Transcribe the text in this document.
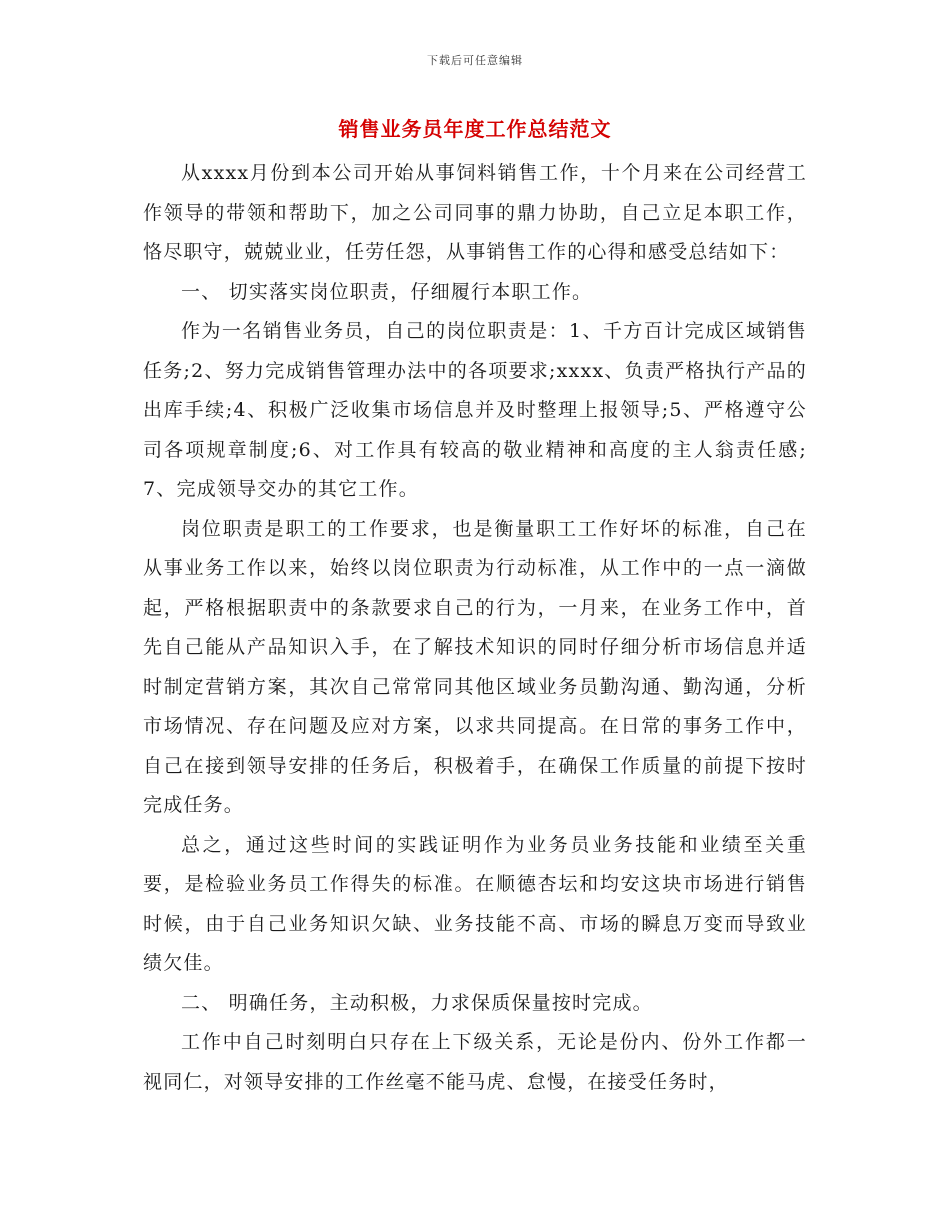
下载后可任意编辑
销售业务员年度工作总结范文

从xxxx月份到本公司开始从事饲料销售工作，十个月来在公司经营工作领导的带领和帮助下，加之公司同事的鼎力协助，自己立足本职工作，恪尽职守，兢兢业业，任劳任怨，从事销售工作的心得和感受总结如下：

一、 切实落实岗位职责，仔细履行本职工作。

作为一名销售业务员，自己的岗位职责是：1、千方百计完成区域销售任务;2、努力完成销售管理办法中的各项要求;xxxx、负责严格执行产品的出库手续;4、积极广泛收集市场信息并及时整理上报领导;5、严格遵守公司各项规章制度;6、对工作具有较高的敬业精神和高度的主人翁责任感;7、完成领导交办的其它工作。

岗位职责是职工的工作要求，也是衡量职工工作好坏的标准，自己在从事业务工作以来，始终以岗位职责为行动标准，从工作中的一点一滴做起，严格根据职责中的条款要求自己的行为，一月来，在业务工作中，首先自己能从产品知识入手，在了解技术知识的同时仔细分析市场信息并适时制定营销方案，其次自己常常同其他区域业务员勤沟通、勤沟通，分析市场情况、存在问题及应对方案，以求共同提高。在日常的事务工作中，自己在接到领导安排的任务后，积极着手，在确保工作质量的前提下按时完成任务。

总之，通过这些时间的实践证明作为业务员业务技能和业绩至关重要，是检验业务员工作得失的标准。在顺德杏坛和均安这块市场进行销售时候，由于自己业务知识欠缺、业务技能不高、市场的瞬息万变而导致业绩欠佳。

二、 明确任务，主动积极，力求保质保量按时完成。

工作中自己时刻明白只存在上下级关系，无论是份内、份外工作都一视同仁，对领导安排的工作丝毫不能马虎、怠慢，在接受任务时，
